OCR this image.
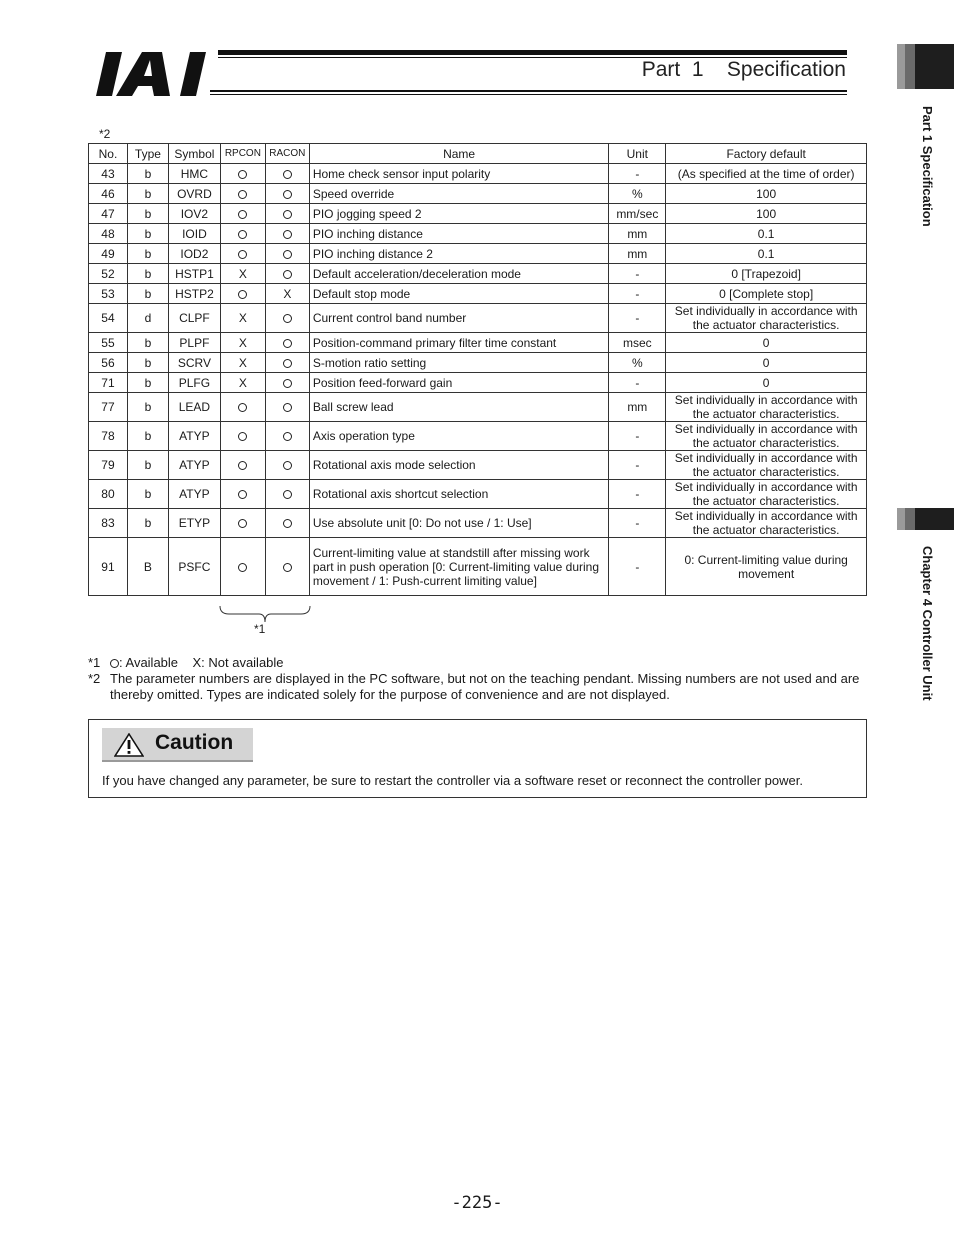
Part  1    Specification
Part 1 Specification
Chapter 4 Controller Unit
*2
No.	Type	Symbol	RPCON	RACON	Name	Unit	Factory default
43	b	HMC			Home check sensor input polarity	-	(As specified at the time of order)
46	b	OVRD			Speed override	%	100
47	b	IOV2			PIO jogging speed 2	mm/sec	100
48	b	IOID			PIO inching distance	mm	0.1
49	b	IOD2			PIO inching distance 2	mm	0.1
52	b	HSTP1	X		Default acceleration/deceleration mode	-	0 [Trapezoid]
53	b	HSTP2		X	Default stop mode	-	0 [Complete stop]
54	d	CLPF	X		Current control band number	-	Set individually in accordance with the actuator characteristics.
55	b	PLPF	X		Position-command primary filter time constant	msec	0
56	b	SCRV	X		S-motion ratio setting	%	0
71	b	PLFG	X		Position feed-forward gain	-	0
77	b	LEAD			Ball screw lead	mm	Set individually in accordance with the actuator characteristics.
78	b	ATYP			Axis operation type	-	Set individually in accordance with the actuator characteristics.
79	b	ATYP			Rotational axis mode selection	-	Set individually in accordance with the actuator characteristics.
80	b	ATYP			Rotational axis shortcut selection	-	Set individually in accordance with the actuator characteristics.
83	b	ETYP			Use absolute unit [0: Do not use / 1: Use]	-	Set individually in accordance with the actuator characteristics.
91	B	PSFC			Current-limiting value at standstill after missing work part in push operation [0: Current-limiting value during movement / 1: Push-current limiting value]	-	0: Current-limiting value during movement
*1
*1	: Available    X: Not available
*2 The parameter numbers are displayed in the PC software, but not on the teaching pendant. Missing numbers are not used and are thereby omitted. Types are indicated solely for the purpose of convenience and are not displayed.
Caution
If you have changed any parameter, be sure to restart the controller via a software reset or reconnect the controller power.
-225-
